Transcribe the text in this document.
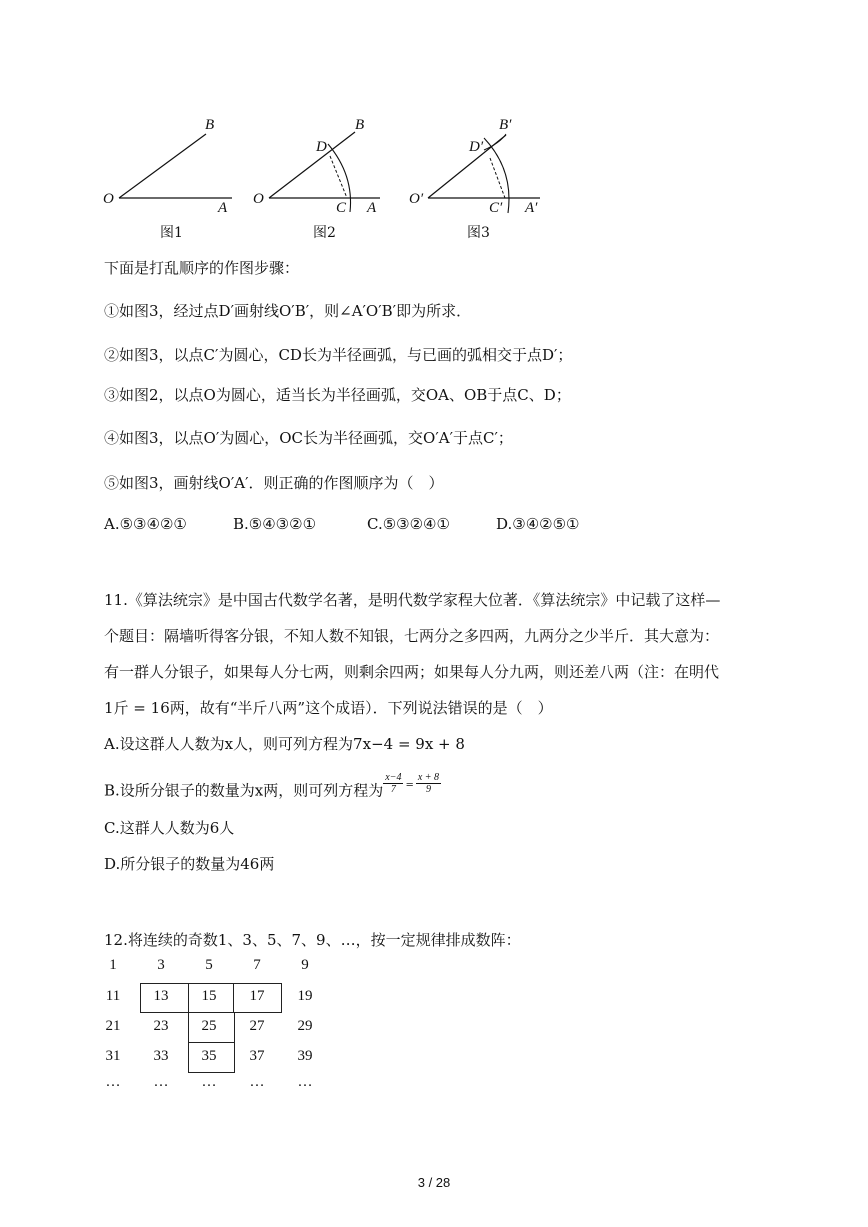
O
A
B
O
A
B
C
D
O′
A′
B′
C′
D′
图1	图2	图3
下面是打乱顺序的作图步骤：
①如图3，经过点D′画射线O′B′，则∠A′O′B′即为所求．
②如图3，以点C′为圆心，CD长为半径画弧，与已画的弧相交于点D′；
③如图2，以点O为圆心，适当长为半径画弧，交OA、OB于点C、D；
④如图3，以点O′为圆心，OC长为半径画弧，交O′A′于点C′；
⑤如图3，画射线O′A′．则正确的作图顺序为（　）
A.⑤③④②①	B.⑤④③②①	C.⑤③②④①	D.③④②⑤①
11.《算法统宗》是中国古代数学名著，是明代数学家程大位著．《算法统宗》中记载了这样—
个题目：隔墙听得客分银，不知人数不知银，七两分之多四两，九两分之少半斤．其大意为：
有一群人分银子，如果每人分七两，则剩余四两；如果每人分九两，则还差八两（注：在明代
1斤 = 16两，故有“半斤八两”这个成语）．下列说法错误的是（　）
A.设这群人人数为x人，则可列方程为7x−4 = 9x + 8
B.设所分银子的数量为x两，则可列方程为 $\frac{x-4}{7} ^= \frac{x + 8}{9}$
C.这群人人数为6人
D.所分银子的数量为46两
12.将连续的奇数1、3、5、7、9、…，按一定规律排成数阵：
1	3	5	7	9
11	13	15	17	19
21	23	25	27	29
31	33	35	37	39
…	…	…	…	…
3 / 28
